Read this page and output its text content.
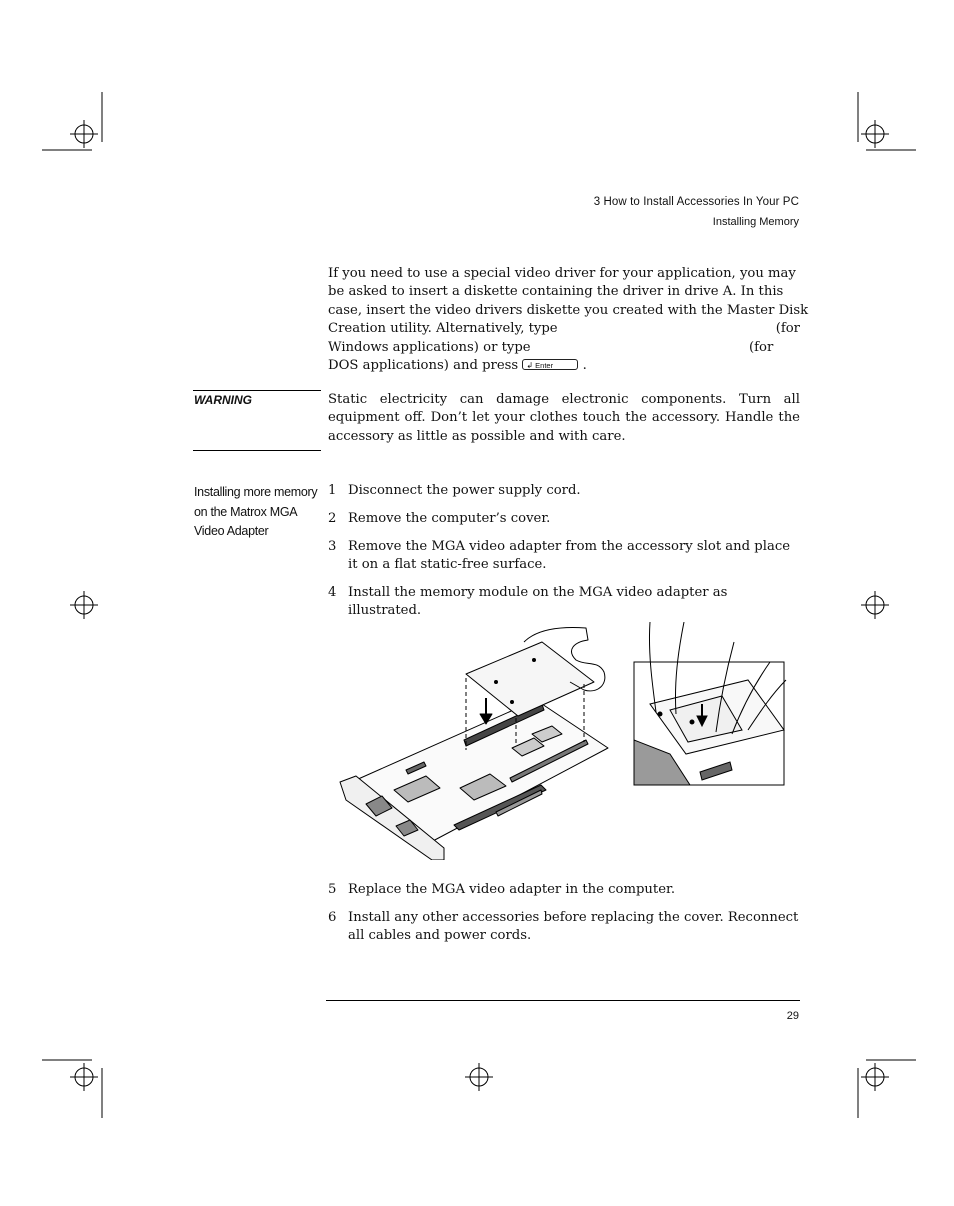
3 How to Install Accessories In Your PC
Installing Memory
If you need to use a special video driver for your application, you may
be asked to insert a diskette containing the driver in drive A. In this
case, insert the video drivers diskette you created with the Master Disk
Creation utility. Alternatively, type	(for
Windows applications) or type	(for
DOS applications) and press ↲ Enter .
WARNING	Static electricity can damage electronic components. Turn all equipment off. Don’t let your clothes touch the accessory. Handle the accessory as little as possible and with care.
Installing more memory on the Matrox MGA Video Adapter
1 Disconnect the power supply cord.
2 Remove the computer’s cover.
3 Remove the MGA video adapter from the accessory slot and place it on a flat static-free surface.
4 Install the memory module on the MGA video adapter as illustrated.
5 Replace the MGA video adapter in the computer.
6 Install any other accessories before replacing the cover. Reconnect all cables and power cords.
29
